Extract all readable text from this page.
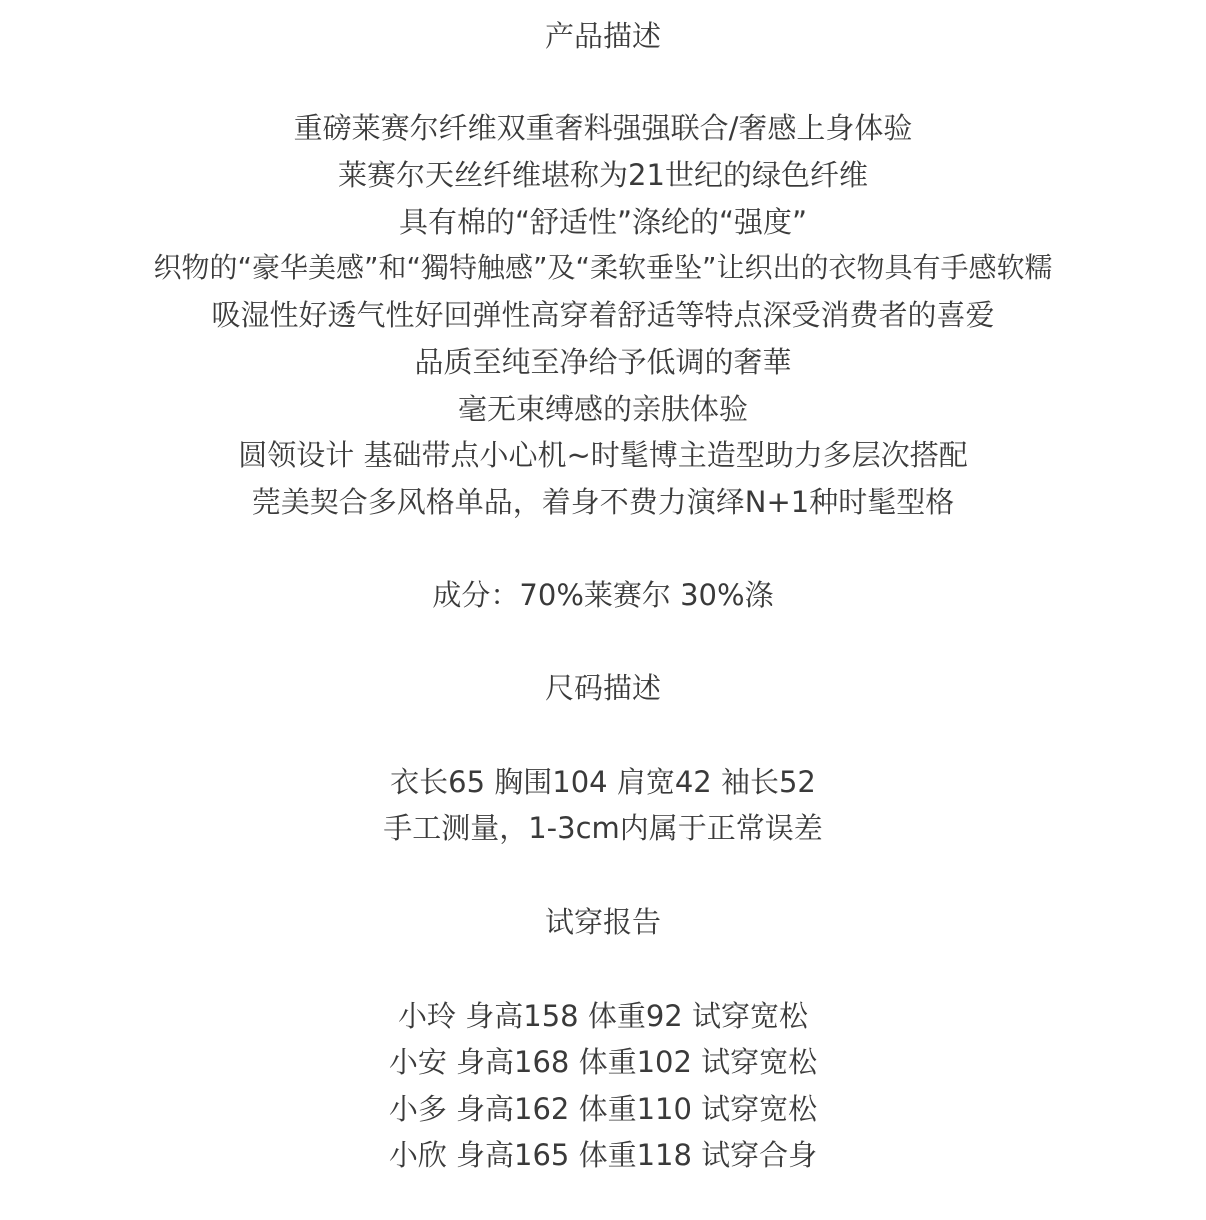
产品描述
重磅莱赛尔纤维双重奢料强强联合/奢感上身体验
莱赛尔天丝纤维堪称为21世纪的绿色纤维
具有棉的“舒适性”涤纶的“强度”
织物的“豪华美感”和“獨特触感”及“柔软垂坠”让织出的衣物具有手感软糯
吸湿性好透气性好回弹性高穿着舒适等特点深受消费者的喜爱
品质至纯至净给予低调的奢華
毫无束缚感的亲肤体验
圆领设计 基础带点小心机~时髦博主造型助力多层次搭配
莞美契合多风格单品，着身不费力演绎N+1种时髦型格
成分：70%莱赛尔 30%涤
尺码描述
衣长65 胸围104 肩宽42 袖长52
手工测量，1-3cm内属于正常误差
试穿报告
小玲 身高158 体重92 试穿宽松
小安 身高168 体重102 试穿宽松
小多 身高162 体重110 试穿宽松
小欣 身高165 体重118 试穿合身
